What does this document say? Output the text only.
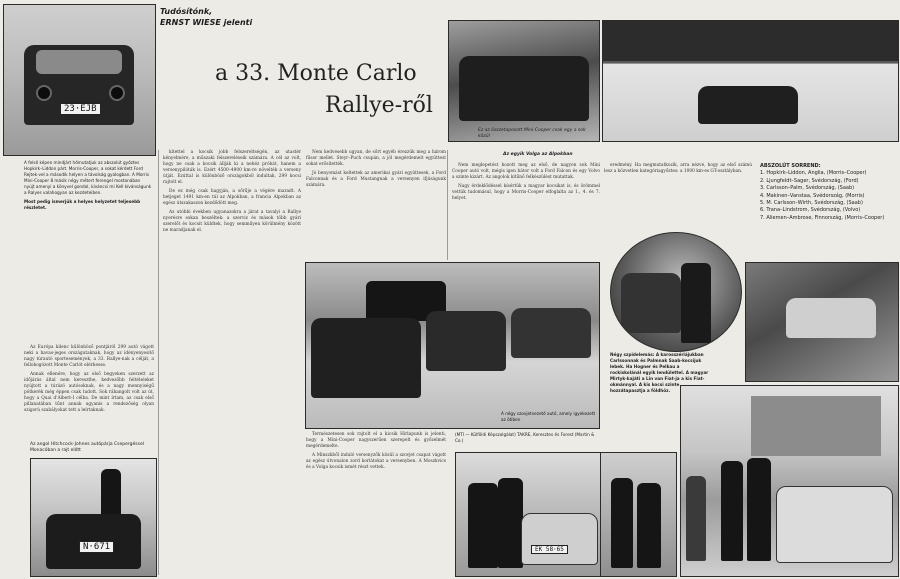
23·EJB
Tudósítónk,
ERNST WIESE jelenti
a 33. Monte Carlo
Rallye-ről
A felső képen mindjárt hőmutatjuk az abszolút győztes Hopkirk–Liddon párt. Morris-Cooper, a sokat kérdett Ford Rejtek-vel a második helyen a távolság gyalogban. A Morris Mini-Cooper 8 másik négy métert ferengel mostanában nyújt amenyi a könyvel gondol, kíváncsi mi Kell kívánságunk a Ralyes valahogyan az kezdeteiben.
Most pedig ismerjük a helyes helyzetet teljesebb részletet.

Az Európa kilenc különböző pontjáról 299 autó vágott neki a havas-jeges országutaknak, hogy az idényenyesítő nagy túrautó sportesemények, a 33. Rallye-nak a célját, a fellobogózott Monte Carlót elérhesse.

Annak ellenére, hogy az első begyeken szerzett az időjárás által nem keresztbe, kedvezőbb feltételeket nyújtott a túrázó autósoknak, és a nagy mennyiségű pótkerék még éppen csak tudott. Sok ráhangolt volt az út, hogy a Quai d'Albert-I célba. De mint írtam, az csak első pillanatában tűnt annak ugyanis a rendezőség olyan szigorú szabályokat tett a leírtaknak.

Az angol Hitchcock-Johnes autópárja Csepergéssel Monacóban a rajt előtt
N·671

kitettel a kocsik jobb felszereltségén, az utastér kényelmére, a műszaki felszereléseik számára. A cél az volt, hogy ne csak a kocsik állják ki a nehéz próbát, hanem a versenypilóták is. Ezért 4500–4900 km-re növelték a verseny útját. Ezúttal is különböző országokból indultak, 299 kocsi rajtolt el.

De ez még csak hagyján, a sőrűje a végére maradt. A hetjeget 1491 km-en túl az Alpokban, a francia Alpokban az egész útszakaszon kezdődött meg.

Az utóbbi években ugyanazokra a járat a tavalyi a Rallye nyerésre sokan beszéltek: a szerviz és mások több gyári szerelőt és kocsit küldtek, hogy semmilyen körülmény között ne maradjanak el.

Nem kedvesebb ugyan, de sőrt egyéb érezzük meg a három fűsor mellet. Steyr–Puch csupán, a jól megérdemelt együttest sokat erősítették.

Jó benyomást keltettek az amerikai gyári együttesek, a Ford Falconnak és a Ford Mustangnak a versenyen ifjúságunk számára.

A négy szovjetvezető autó, amely igyekezett az ötiben

Természetesen sok rajtolt el a kicsik Hírlapunk is jelenti, hogy a Mini-Cooper nagyszerűen szerepelt és győzelmét megérdemelte.

A Minszkből induló versenyzők közül a szovjet csapat vágott az egész útvonalon zord korlátokat a versenyben. A Moszkvics és a Volga kocsik ismét részt vettek.

Ez az összetaposott Mini-Cooper csak egy a sok közül
Az egyik Volga az Alpokban

Nem meglepetést hozott meg az első, de nagyon sok Mini Cooper autó volt, mégis igen bátor volt a Ford Falcon és egy Volvo a szinte kizárt. Az angolok kitűnő felkészülést mutattak.

Nagy érdeklődéssel kísértük a magyar kocsikat is, és örömmel vettük tudomásul, hogy a Morris-Cooper elfoglalta az 1., 4. és 7. helyet.

eredmény. Ha megmutatkozik, arra nézve, hogy az első számú lesz a közvetlen kategóriagyőztes: a 1000 km-es GT-osztályban.

ABSZOLÚT SORREND:
1. Hopkirk–Liddon, Anglia, (Morris–Cooper)
2. Ljungfeldt–Sager, Svédország, (Ford)
3. Carlsson–Palm, Svédország, (Saab)
4. Makinen–Vanstaa, Svédország, (Morris)
5. M. Carlsson–Wirth, Svédország, (Saab)
6. Trana–Lindstrom, Svédország, (Volvo)
7. Aliemen–Ambrose, Finnország, (Morris–Cooper)
Négy szpidelemás: A karosszériájukban Carlssonnak és Palmnak Saab-kocsijuk lebek. Ha Hogner és Pelkau a rockiskolánál egyik lendülettel. A magyar Mirtyk-kajáti a Lin van Fiat-ja a kis Fiat-okmánnyal. A kis kocsi szinte hozzátapasztja a földhöz.
(MTI — Külföldi Képszolgálat) TAKRE, Keresztes és Forest (Martin & Co.)
EK 58·65
